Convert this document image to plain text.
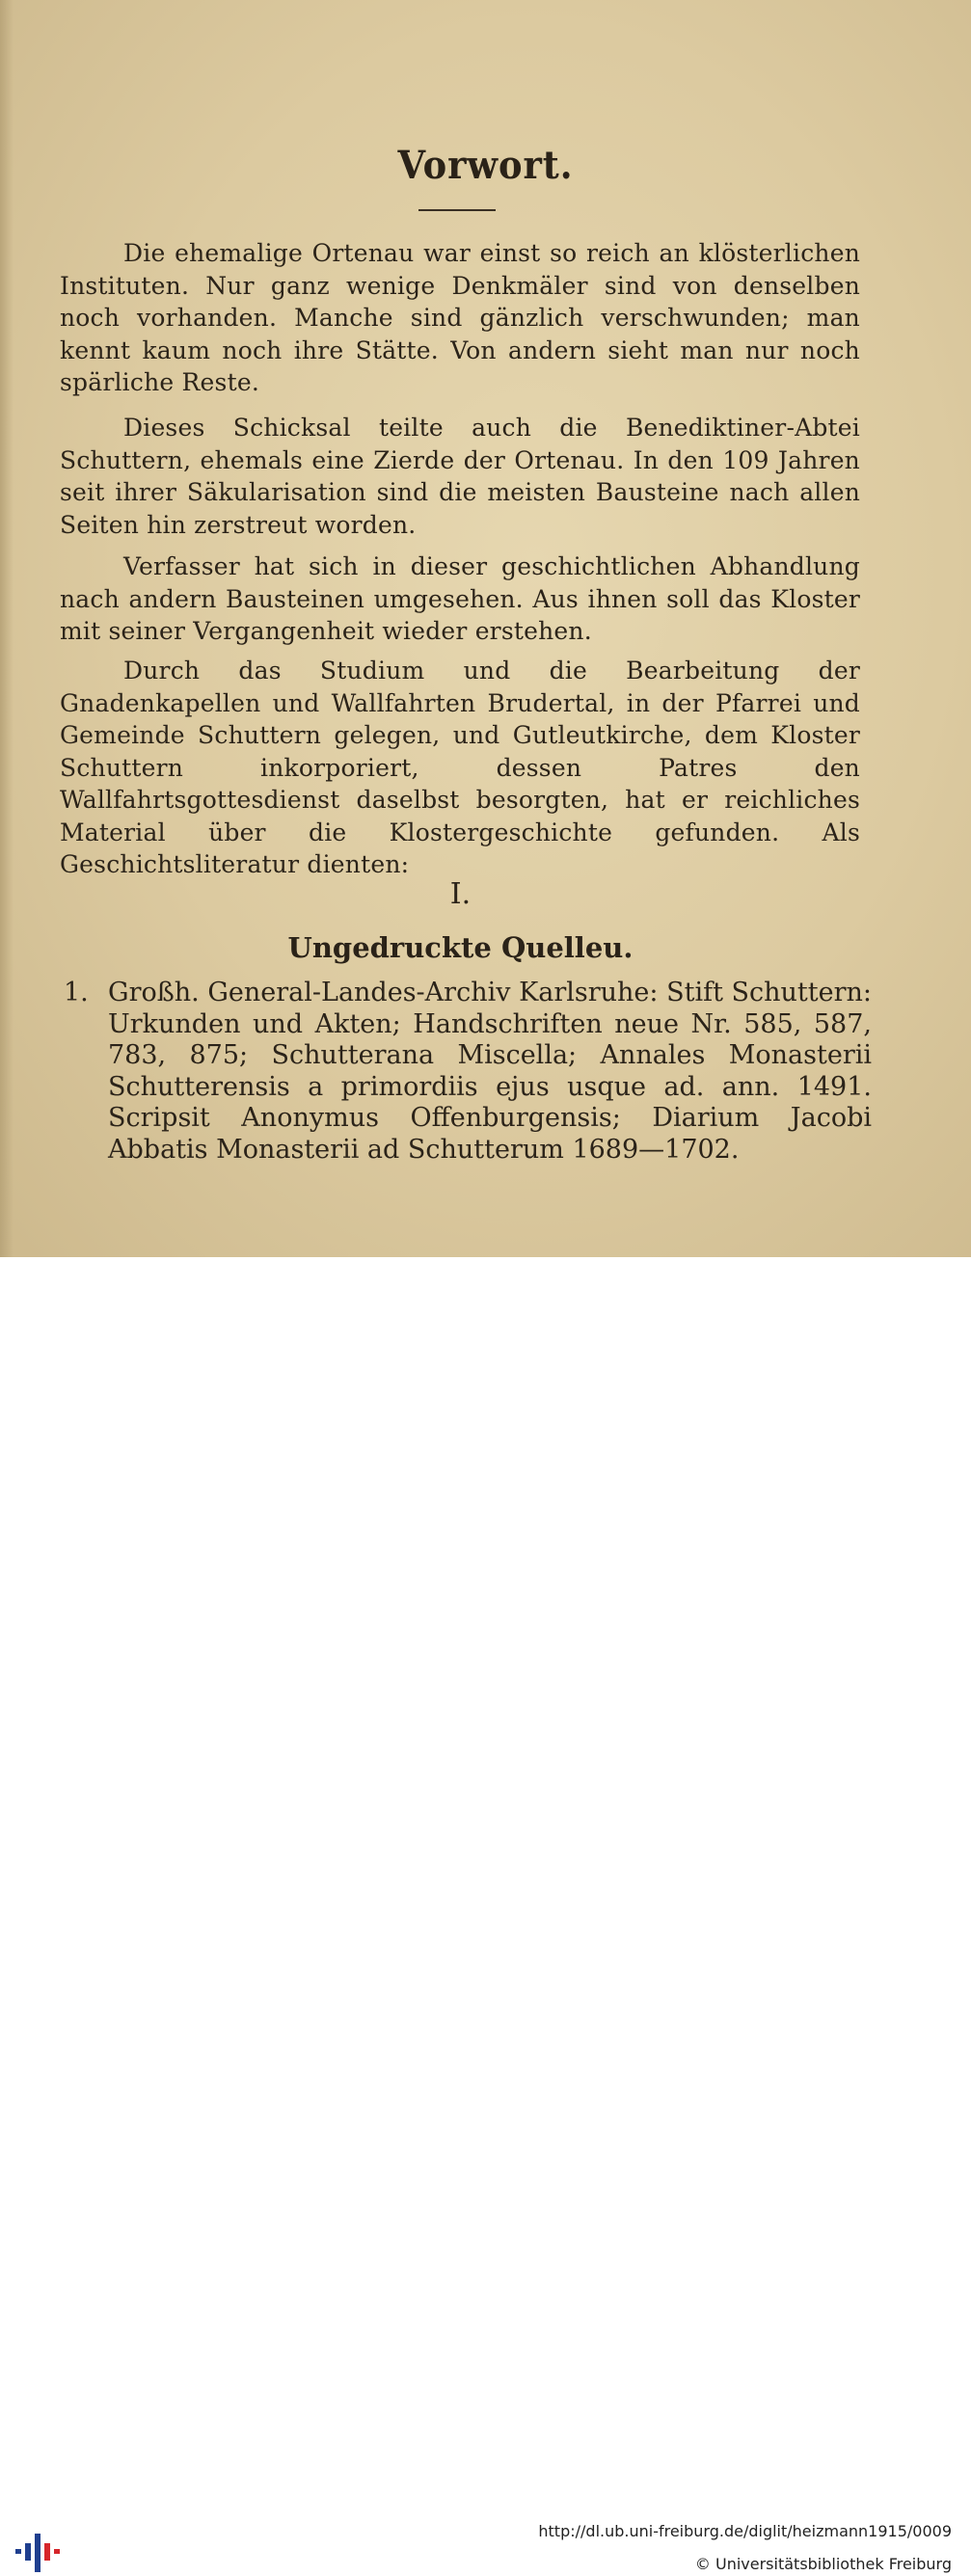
Vorwort.

Die ehemalige Ortenau war einst so reich an klösterlichen Instituten. Nur ganz wenige Denkmäler sind von denselben noch vorhanden. Manche sind gänzlich verschwunden; man kennt kaum noch ihre Stätte. Von andern sieht man nur noch spärliche Reste.

Dieses Schicksal teilte auch die Benediktiner-Abtei Schuttern, ehemals eine Zierde der Ortenau. In den 109 Jahren seit ihrer Säkularisation sind die meisten Bausteine nach allen Seiten hin zerstreut worden.

Verfasser hat sich in dieser geschichtlichen Abhandlung nach andern Bausteinen umgesehen. Aus ihnen soll das Kloster mit seiner Vergangenheit wieder erstehen.

Durch das Studium und die Bearbeitung der Gnadenkapellen und Wallfahrten Brudertal, in der Pfarrei und Gemeinde Schuttern gelegen, und Gutleutkirche, dem Kloster Schuttern inkorporiert, dessen Patres den Wallfahrtsgottesdienst daselbst besorgten, hat er reichliches Material über die Klostergeschichte gefunden. Als Geschichtsliteratur dienten:

I.
Ungedruckte Quelleu.
1. Großh. General-Landes-Archiv Karlsruhe: Stift Schuttern: Urkunden und Akten; Handschriften neue Nr. 585, 587, 783, 875; Schutterana Miscella; Annales Monasterii Schutterensis a primordiis ejus usque ad. ann. 1491. Scripsit Anonymus Offenburgensis; Diarium Jacobi Abbatis Monasterii ad Schutterum 1689—1702.
http://dl.ub.uni-freiburg.de/diglit/heizmann1915/0009
© Universitätsbibliothek Freiburg
